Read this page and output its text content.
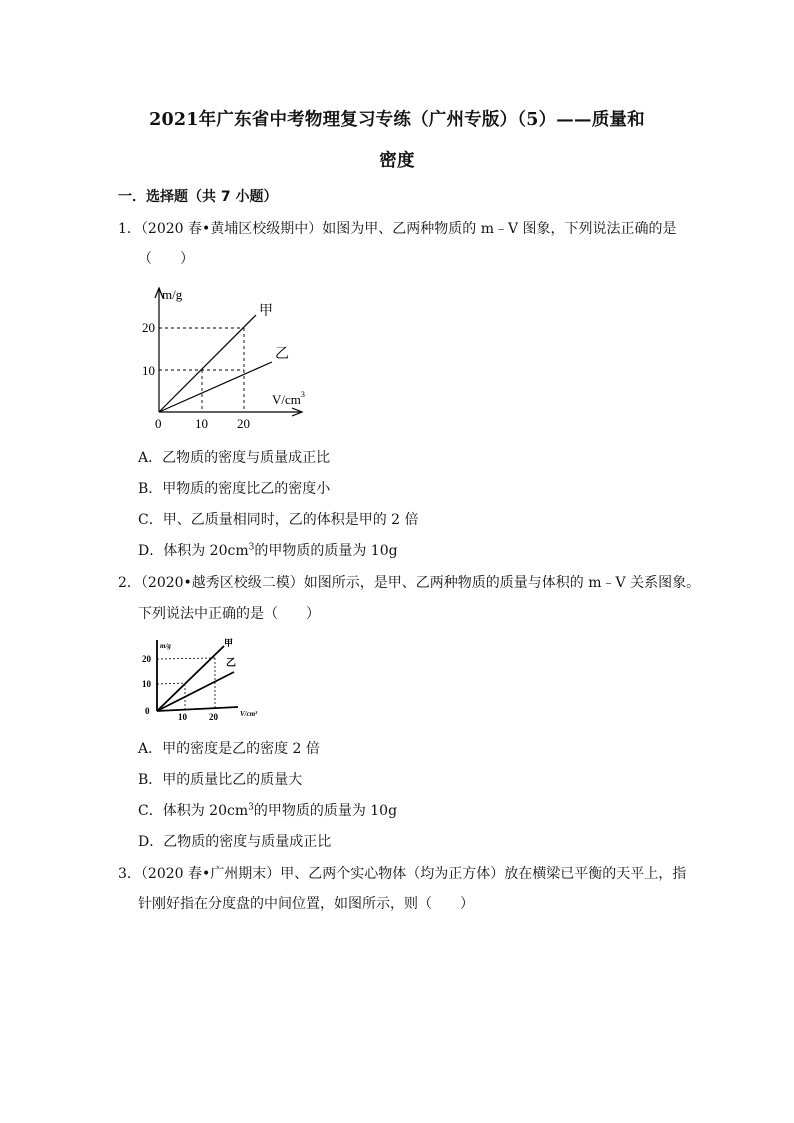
2021年广东省中考物理复习专练（广州专版）（5）——质量和
密度
一．选择题（共 7 小题）
1．（2020 春•黄埔区校级期中）如图为甲、乙两种物质的 m﹣V 图象，下列说法正确的是
（　　）
m/g
20
10
0	10 20
$V/cm^3$
甲
乙
A．乙物质的密度与质量成正比
B．甲物质的密度比乙的密度小
C．甲、乙质量相同时，乙的体积是甲的 2 倍
D．体积为 $20cm^3$的甲物质的质量为 10g
2．（2020•越秀区校级二模）如图所示，是甲、乙两种物质的质量与体积的 m﹣V 关系图象。
下列说法中正确的是（　　）
m/g
20
10
0
10 20	V/cm³
甲
乙
A．甲的密度是乙的密度 2 倍
B．甲的质量比乙的质量大
C．体积为 $20cm^3$的甲物质的质量为 10g
D．乙物质的密度与质量成正比
3．（2020 春•广州期末）甲、乙两个实心物体（均为正方体）放在横梁已平衡的天平上，指
针刚好指在分度盘的中间位置，如图所示，则（　　）
